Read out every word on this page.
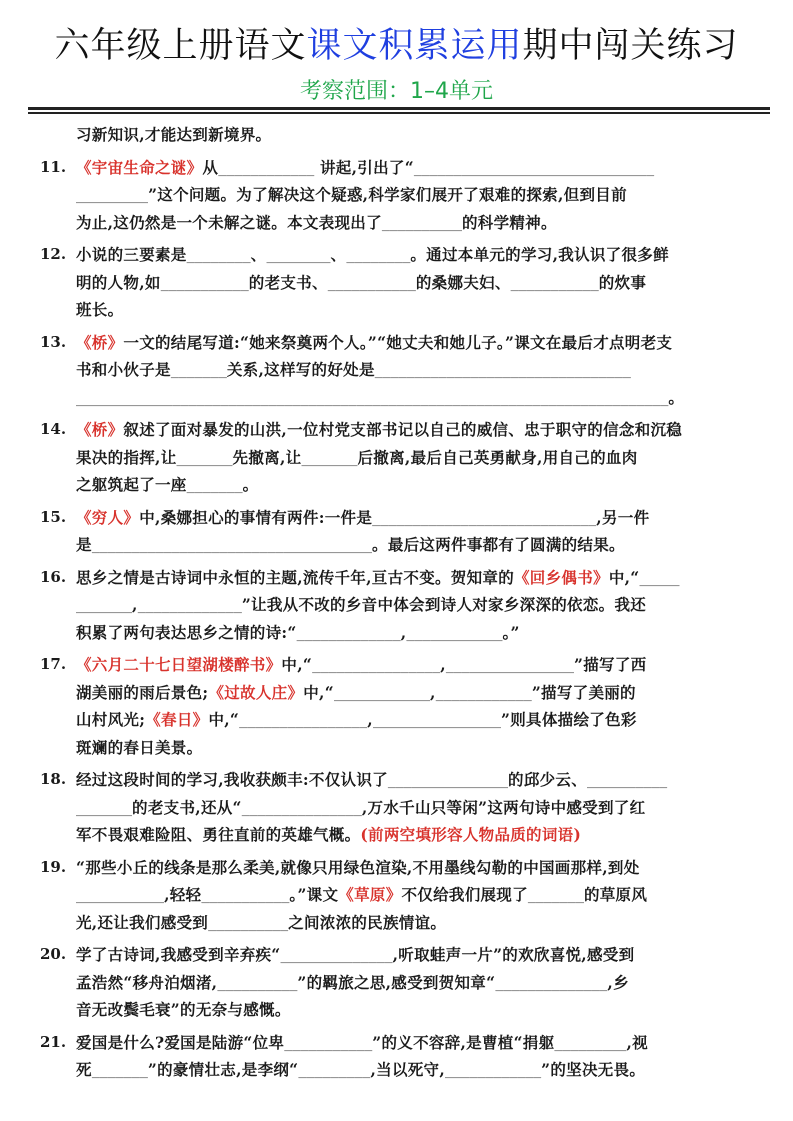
六年级上册语文课文积累运用期中闯关练习
考察范围：1–4单元
习新知识,才能达到新境界。
11. 《宇宙生命之谜》从____________ 讲起,引出了“______________________________
_________”这个问题。为了解决这个疑惑,科学家们展开了艰难的探索,但到目前
为止,这仍然是一个未解之谜。本文表现出了__________的科学精神。
12. 小说的三要素是________、________、________。通过本单元的学习,我认识了很多鲜
明的人物,如___________的老支书、___________的桑娜夫妇、___________的炊事
班长。
13. 《桥》一文的结尾写道:“她来祭奠两个人。”“她丈夫和她儿子。”课文在最后才点明老支
书和小伙子是_______关系,这样写的好处是________________________________
__________________________________________________________________________。
14. 《桥》叙述了面对暴发的山洪,一位村党支部书记以自己的威信、忠于职守的信念和沉稳
果决的指挥,让_______先撤离,让_______后撤离,最后自己英勇献身,用自己的血肉
之躯筑起了一座_______。
15. 《穷人》中,桑娜担心的事情有两件:一件是____________________________,另一件
是___________________________________。最后这两件事都有了圆满的结果。
16. 思乡之情是古诗词中永恒的主题,流传千年,亘古不变。贺知章的《回乡偶书》中,“_____
_______,_____________”让我从不改的乡音中体会到诗人对家乡深深的依恋。我还
积累了两句表达思乡之情的诗:“_____________,____________。”
17. 《六月二十七日望湖楼醉书》中,“________________,________________”描写了西
湖美丽的雨后景色;《过故人庄》中,“____________,____________”描写了美丽的
山村风光;《春日》中,“________________,________________”则具体描绘了色彩
斑斓的春日美景。
18. 经过这段时间的学习,我收获颇丰:不仅认识了_______________的邱少云、__________
_______的老支书,还从“_______________,万水千山只等闲”这两句诗中感受到了红
军不畏艰难险阻、勇往直前的英雄气概。(前两空填形容人物品质的词语)
19. “那些小丘的线条是那么柔美,就像只用绿色渲染,不用墨线勾勒的中国画那样,到处
___________,轻轻___________。”课文《草原》不仅给我们展现了_______的草原风
光,还让我们感受到__________之间浓浓的民族情谊。
20. 学了古诗词,我感受到辛弃疾“______________,听取蛙声一片”的欢欣喜悦,感受到
孟浩然“移舟泊烟渚,__________”的羁旅之思,感受到贺知章“______________,乡
音无改鬓毛衰”的无奈与感慨。
21. 爱国是什么?爱国是陆游“位卑___________”的义不容辞,是曹植“捐躯_________,视
死_______”的豪情壮志,是李纲“_________,当以死守,____________”的坚决无畏。
